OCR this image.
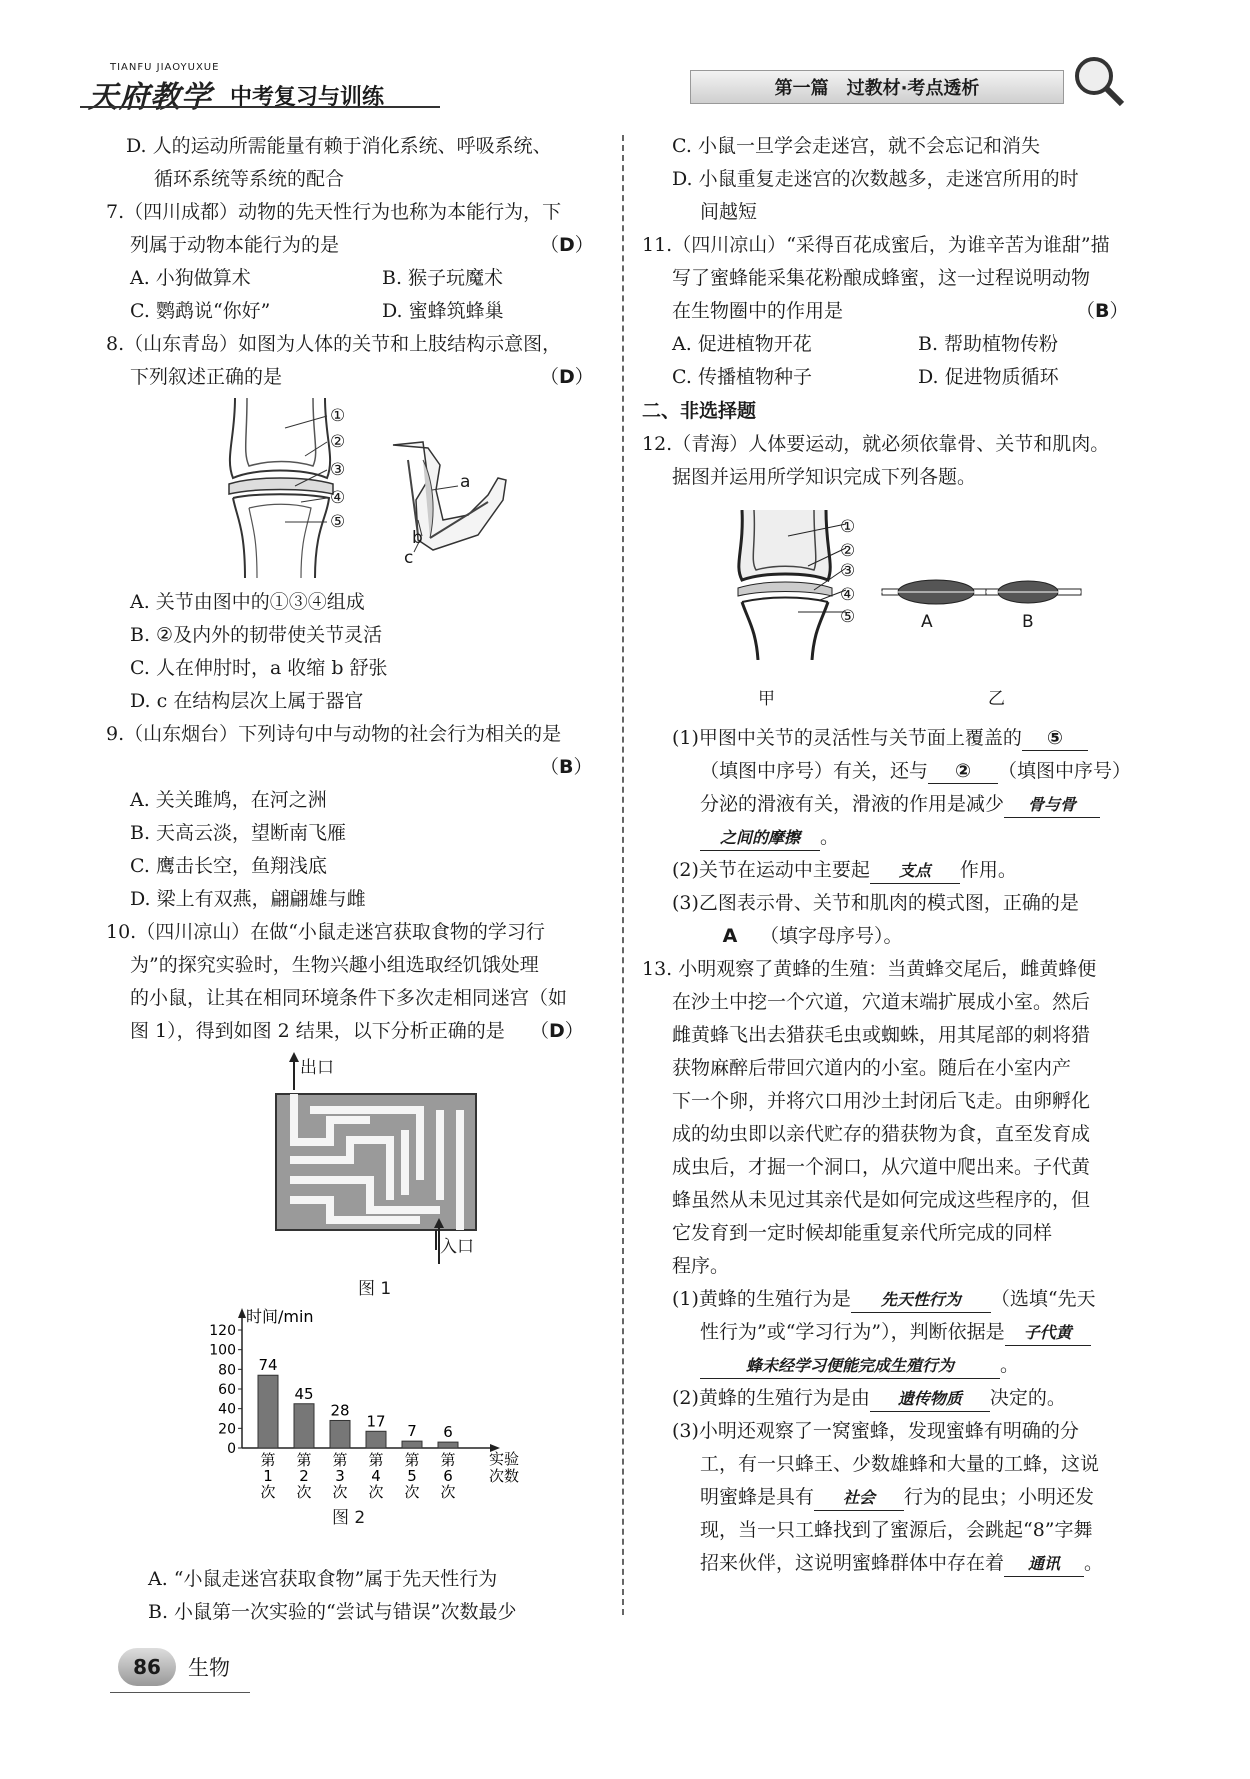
TIANFU JIAOYUXUE
天府教学 中考复习与训练	第一篇　过教材·考点透析
D. 人的运动所需能量有赖于消化系统、呼吸系统、
循环系统等系统的配合
7.（四川成都）动物的先天性行为也称为本能行为，下
列属于动物本能行为的是	（D）
A. 小狗做算术	B. 猴子玩魔术
C. 鹦鹉说“你好”	D. 蜜蜂筑蜂巢
8.（山东青岛）如图为人体的关节和上肢结构示意图，
下列叙述正确的是	（D）
①
②
③
④
⑤
a
b
c
A. 关节由图中的①③④组成
B. ②及内外的韧带使关节灵活
C. 人在伸肘时，a 收缩 b 舒张
D. c 在结构层次上属于器官
9.（山东烟台）下列诗句中与动物的社会行为相关的是
（B）
A. 关关雎鸠，在河之洲
B. 天高云淡，望断南飞雁
C. 鹰击长空，鱼翔浅底
D. 梁上有双燕，翩翩雄与雌
10.（四川凉山）在做“小鼠走迷宫获取食物的学习行
为”的探究实验时，生物兴趣小组选取经饥饿处理
的小鼠，让其在相同环境条件下多次走相同迷宫（如
图 1），得到如图 2 结果，以下分析正确的是 （D）
出口
入口
图 1
时间/min
0
20
40
60
80
100
120
74
第
1
次
45
第
2
次
28
第
3
次
17
第
4
次
7
第
5
次
6
第
6
次
实验
次数
图 2
A. “小鼠走迷宫获取食物”属于先天性行为
B. 小鼠第一次实验的“尝试与错误”次数最少
C. 小鼠一旦学会走迷宫，就不会忘记和消失
D. 小鼠重复走迷宫的次数越多，走迷宫所用的时
间越短
11.（四川凉山）“采得百花成蜜后，为谁辛苦为谁甜”描
写了蜜蜂能采集花粉酿成蜂蜜，这一过程说明动物
在生物圈中的作用是	（B）
A. 促进植物开花	B. 帮助植物传粉
C. 传播植物种子	D. 促进物质循环
二、非选择题
12.（青海）人体要运动，就必须依靠骨、关节和肌肉。
据图并运用所学知识完成下列各题。
①
②
③
④
⑤	A	B
甲	乙
(1)甲图中关节的灵活性与关节面上覆盖的 ⑤
（填图中序号）有关，还与 ② （填图中序号）
分泌的滑液有关，滑液的作用是减少 骨与骨
之间的摩擦 。
(2)关节在运动中主要起 支点 作用。
(3)乙图表示骨、关节和肌肉的模式图，正确的是
A （填字母序号）。
13. 小明观察了黄蜂的生殖：当黄蜂交尾后，雌黄蜂便
在沙土中挖一个穴道，穴道末端扩展成小室。然后
雌黄蜂飞出去猎获毛虫或蜘蛛，用其尾部的刺将猎
获物麻醉后带回穴道内的小室。随后在小室内产
下一个卵，并将穴口用沙土封闭后飞走。由卵孵化
成的幼虫即以亲代贮存的猎获物为食，直至发育成
成虫后，才掘一个洞口，从穴道中爬出来。子代黄
蜂虽然从未见过其亲代是如何完成这些程序的，但
它发育到一定时候却能重复亲代所完成的同样
程序。
(1)黄蜂的生殖行为是 先天性行为 （选填“先天
性行为”或“学习行为”），判断依据是 子代黄
蜂未经学习便能完成生殖行为 。
(2)黄蜂的生殖行为是由 遗传物质 决定的。
(3)小明还观察了一窝蜜蜂，发现蜜蜂有明确的分
工，有一只蜂王、少数雄蜂和大量的工蜂，这说
明蜜蜂是具有 社会 行为的昆虫；小明还发
现，当一只工蜂找到了蜜源后，会跳起“8”字舞
招来伙伴，这说明蜜蜂群体中存在着 通讯 。
86	生物
